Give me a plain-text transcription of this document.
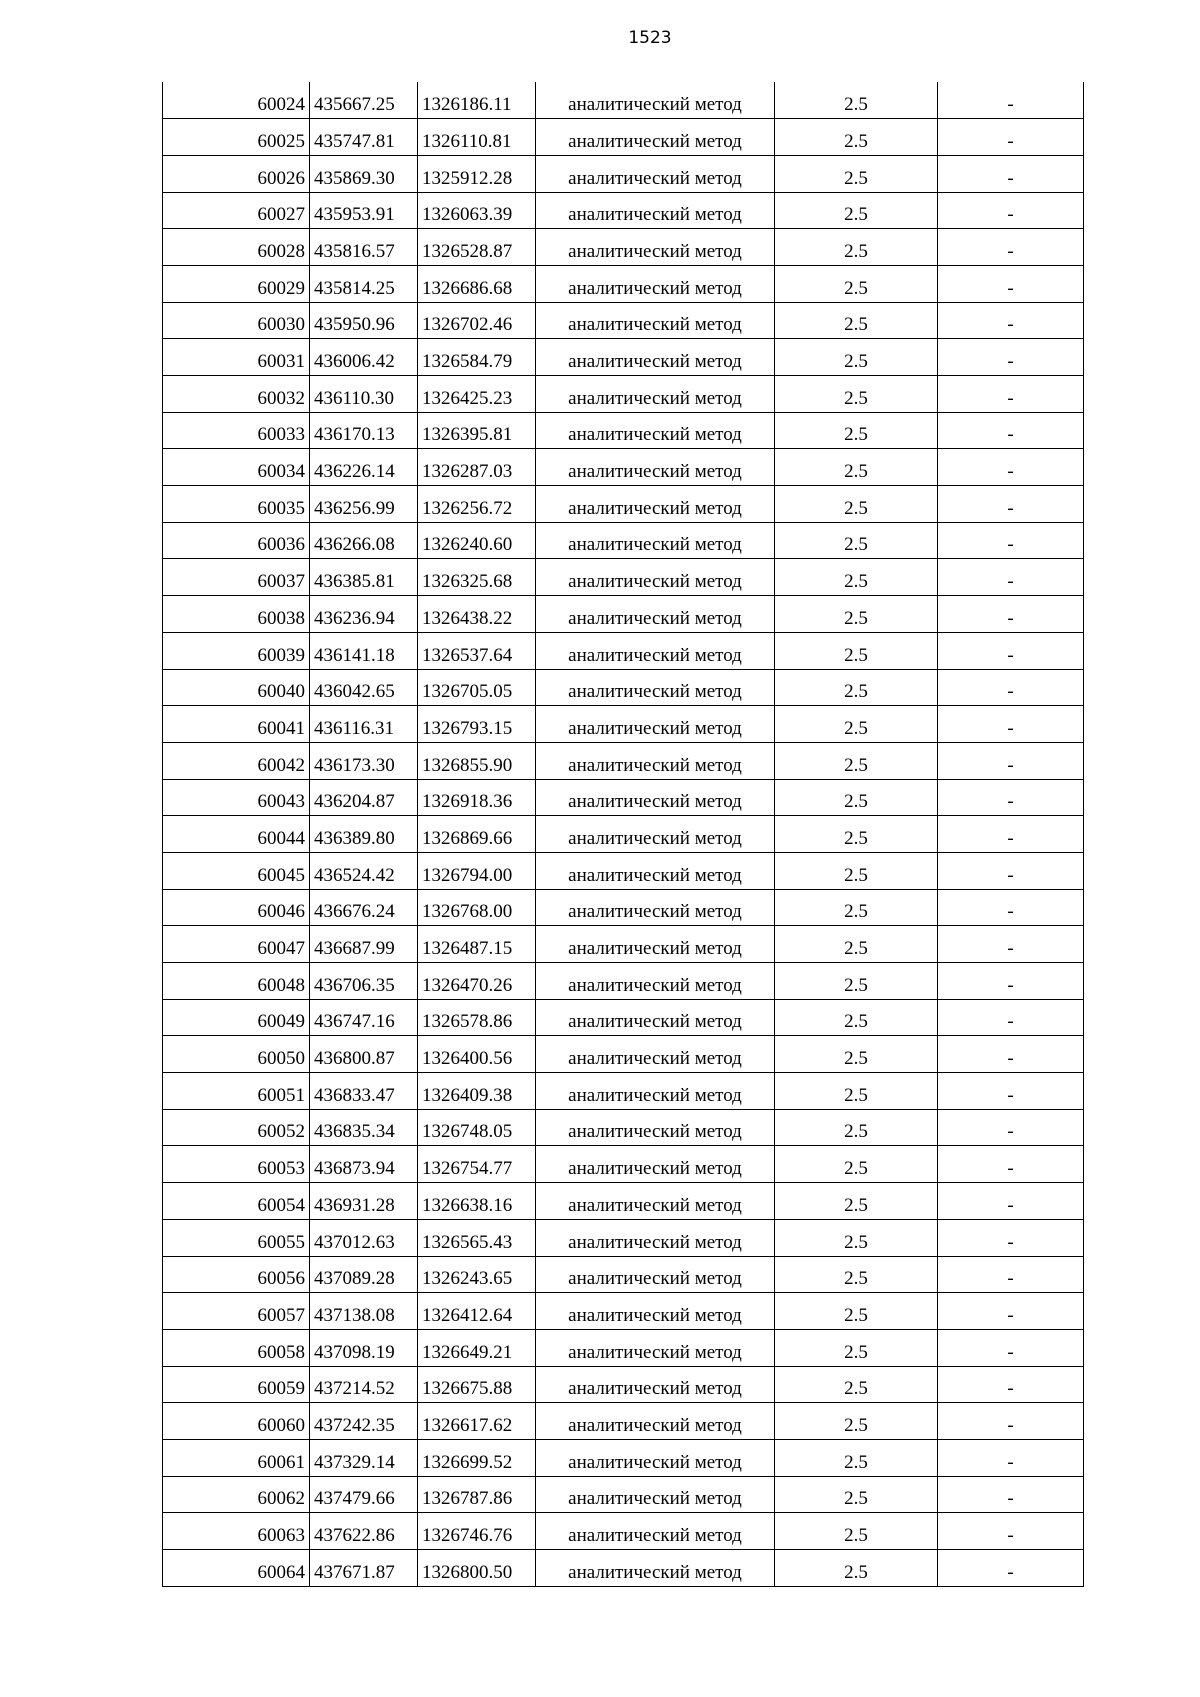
1523
60024	435667.25	1326186.11	аналитический метод	2.5	-
60025	435747.81	1326110.81	аналитический метод	2.5	-
60026	435869.30	1325912.28	аналитический метод	2.5	-
60027	435953.91	1326063.39	аналитический метод	2.5	-
60028	435816.57	1326528.87	аналитический метод	2.5	-
60029	435814.25	1326686.68	аналитический метод	2.5	-
60030	435950.96	1326702.46	аналитический метод	2.5	-
60031	436006.42	1326584.79	аналитический метод	2.5	-
60032	436110.30	1326425.23	аналитический метод	2.5	-
60033	436170.13	1326395.81	аналитический метод	2.5	-
60034	436226.14	1326287.03	аналитический метод	2.5	-
60035	436256.99	1326256.72	аналитический метод	2.5	-
60036	436266.08	1326240.60	аналитический метод	2.5	-
60037	436385.81	1326325.68	аналитический метод	2.5	-
60038	436236.94	1326438.22	аналитический метод	2.5	-
60039	436141.18	1326537.64	аналитический метод	2.5	-
60040	436042.65	1326705.05	аналитический метод	2.5	-
60041	436116.31	1326793.15	аналитический метод	2.5	-
60042	436173.30	1326855.90	аналитический метод	2.5	-
60043	436204.87	1326918.36	аналитический метод	2.5	-
60044	436389.80	1326869.66	аналитический метод	2.5	-
60045	436524.42	1326794.00	аналитический метод	2.5	-
60046	436676.24	1326768.00	аналитический метод	2.5	-
60047	436687.99	1326487.15	аналитический метод	2.5	-
60048	436706.35	1326470.26	аналитический метод	2.5	-
60049	436747.16	1326578.86	аналитический метод	2.5	-
60050	436800.87	1326400.56	аналитический метод	2.5	-
60051	436833.47	1326409.38	аналитический метод	2.5	-
60052	436835.34	1326748.05	аналитический метод	2.5	-
60053	436873.94	1326754.77	аналитический метод	2.5	-
60054	436931.28	1326638.16	аналитический метод	2.5	-
60055	437012.63	1326565.43	аналитический метод	2.5	-
60056	437089.28	1326243.65	аналитический метод	2.5	-
60057	437138.08	1326412.64	аналитический метод	2.5	-
60058	437098.19	1326649.21	аналитический метод	2.5	-
60059	437214.52	1326675.88	аналитический метод	2.5	-
60060	437242.35	1326617.62	аналитический метод	2.5	-
60061	437329.14	1326699.52	аналитический метод	2.5	-
60062	437479.66	1326787.86	аналитический метод	2.5	-
60063	437622.86	1326746.76	аналитический метод	2.5	-
60064	437671.87	1326800.50	аналитический метод	2.5	-
